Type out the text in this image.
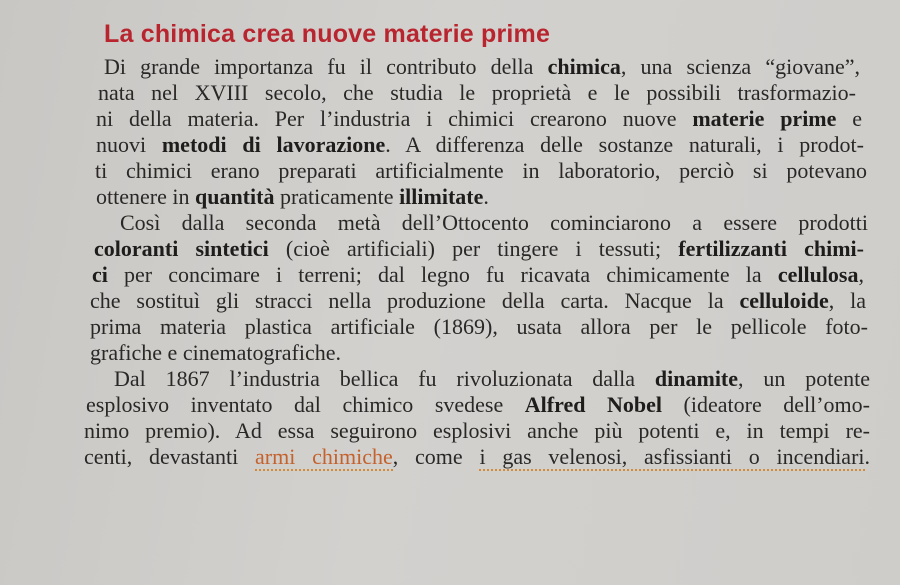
La chimica crea nuove materie prime
Di grande importanza fu il contributo della chimica, una scienza “giovane”,
nata nel XVIII secolo, che studia le proprietà e le possibili trasformazio-
ni della materia. Per l’industria i chimici crearono nuove materie prime e
nuovi metodi di lavorazione. A differenza delle sostanze naturali, i prodot-
ti chimici erano preparati artificialmente in laboratorio, perciò si potevano
ottenere in quantità praticamente illimitate.
Così dalla seconda metà dell’Ottocento cominciarono a essere prodotti
coloranti sintetici (cioè artificiali) per tingere i tessuti; fertilizzanti chimi-
ci per concimare i terreni; dal legno fu ricavata chimicamente la cellulosa,
che sostituì gli stracci nella produzione della carta. Nacque la celluloide, la
prima materia plastica artificiale (1869), usata allora per le pellicole foto-
grafiche e cinematografiche.
Dal 1867 l’industria bellica fu rivoluzionata dalla dinamite, un potente
esplosivo inventato dal chimico svedese Alfred Nobel (ideatore dell’omo-
nimo premio). Ad essa seguirono esplosivi anche più potenti e, in tempi re-
centi, devastanti armi chimiche, come i gas velenosi, asfissianti o incendiari.
